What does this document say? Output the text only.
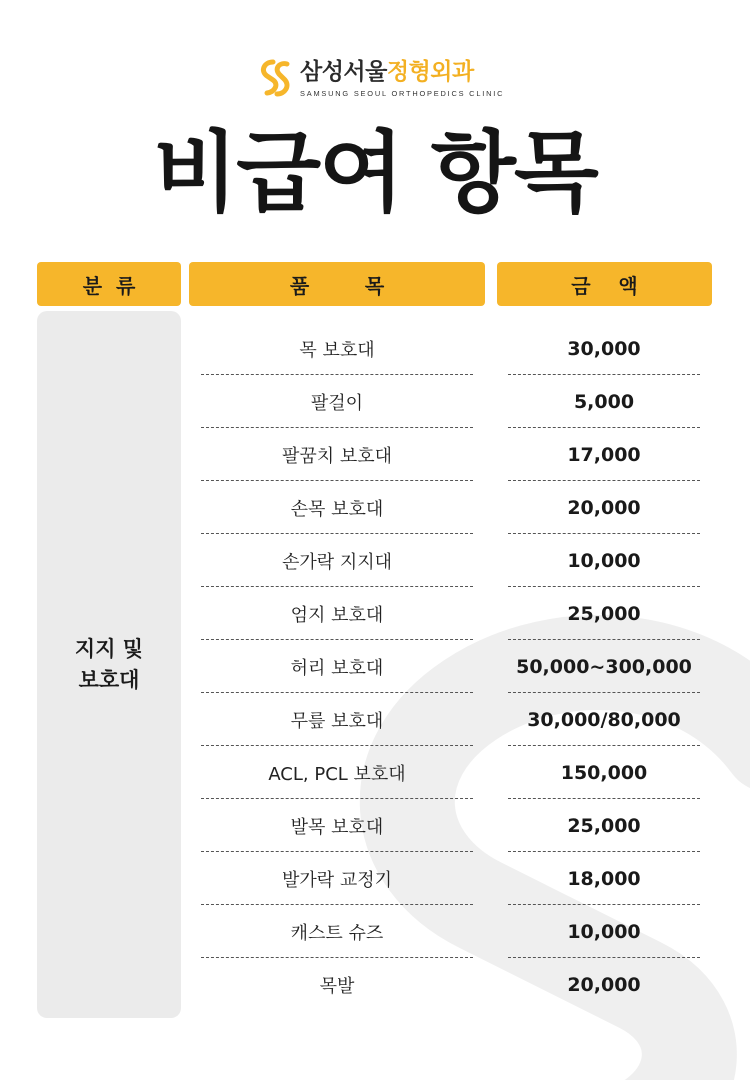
삼성서울정형외과
SAMSUNG SEOUL ORTHOPEDICS CLINIC
비급여 항목
분  류	품        목	금    액
지지 및
보호대
목 보호대	30,000
팔걸이	5,000
팔꿈치 보호대	17,000
손목 보호대	20,000
손가락 지지대	10,000
엄지 보호대	25,000
허리 보호대	50,000~300,000
무릎 보호대	30,000/80,000
ACL, PCL 보호대	150,000
발목 보호대	25,000
발가락 교정기	18,000
캐스트 슈즈	10,000
목발	20,000
